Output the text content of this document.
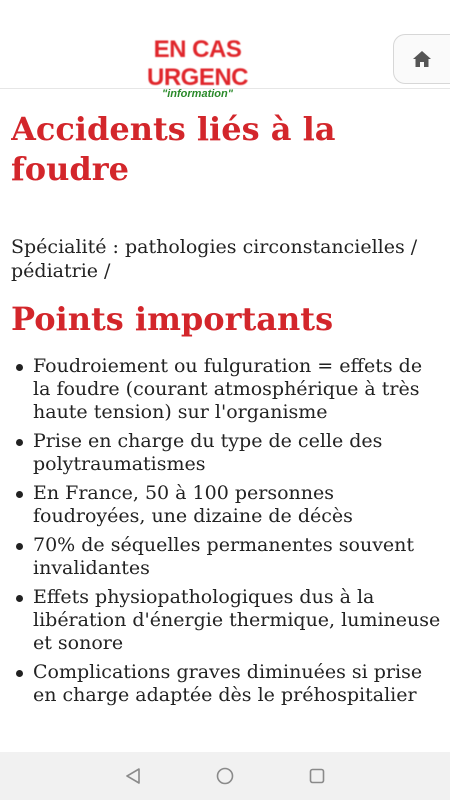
EN CAS URGENC
"information"
Accidents liés à la foudre
Spécialité : pathologies circonstancielles / pédiatrie /
Points importants
Foudroiement ou fulguration = effets de la foudre (courant atmosphérique à très haute tension) sur l'organisme
Prise en charge du type de celle des polytraumatismes
En France, 50 à 100 personnes foudroyées, une dizaine de décès
70% de séquelles permanentes souvent invalidantes
Effets physiopathologiques dus à la libération d'énergie thermique, lumineuse et sonore
Complications graves diminuées si prise en charge adaptée dès le préhospitalier
